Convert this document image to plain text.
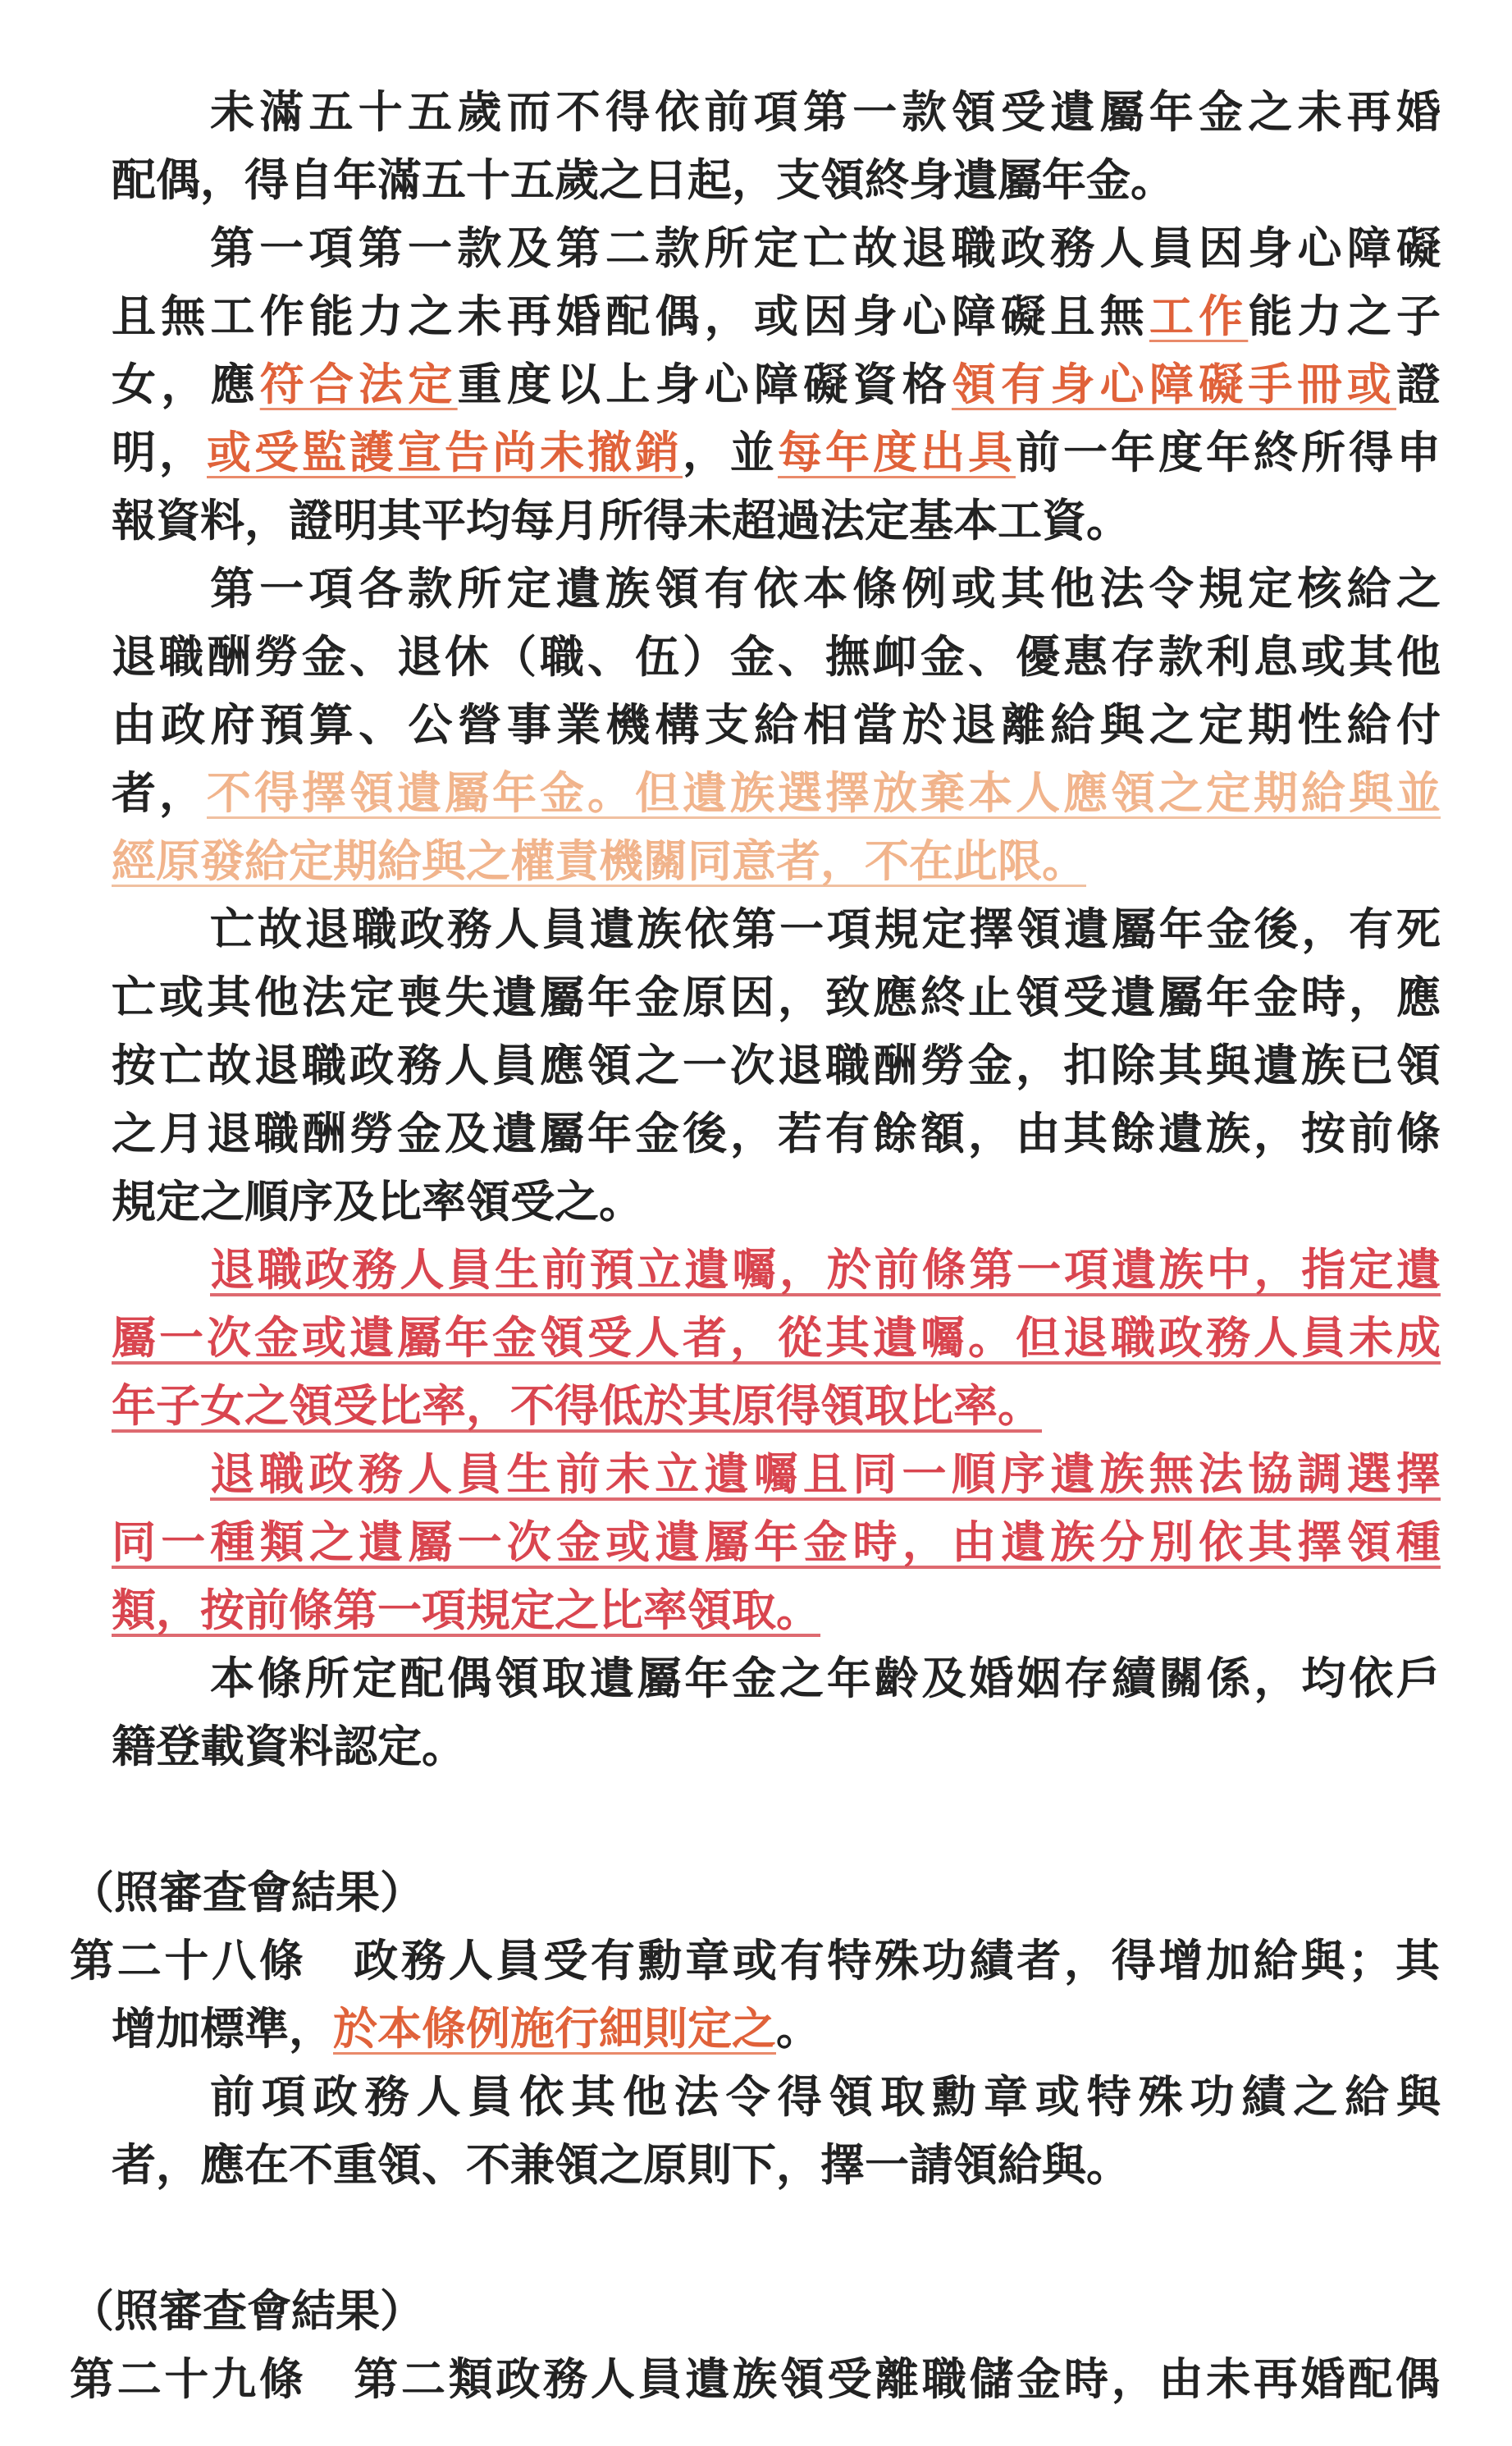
未滿五十五歲而不得依前項第一款領受遺屬年金之未再婚
配偶，得自年滿五十五歲之日起，支領終身遺屬年金。
第一項第一款及第二款所定亡故退職政務人員因身心障礙
且無工作能力之未再婚配偶，或因身心障礙且無工作能力之子
女，應符合法定重度以上身心障礙資格領有身心障礙手冊或證
明，或受監護宣告尚未撤銷，並每年度出具前一年度年終所得申
報資料，證明其平均每月所得未超過法定基本工資。
第一項各款所定遺族領有依本條例或其他法令規定核給之
退職酬勞金、退休（職、伍）金、撫卹金、優惠存款利息或其他
由政府預算、公營事業機構支給相當於退離給與之定期性給付
者，不得擇領遺屬年金。但遺族選擇放棄本人應領之定期給與並
經原發給定期給與之權責機關同意者，不在此限。
亡故退職政務人員遺族依第一項規定擇領遺屬年金後，有死
亡或其他法定喪失遺屬年金原因，致應終止領受遺屬年金時，應
按亡故退職政務人員應領之一次退職酬勞金，扣除其與遺族已領
之月退職酬勞金及遺屬年金後，若有餘額，由其餘遺族，按前條
規定之順序及比率領受之。
退職政務人員生前預立遺囑，於前條第一項遺族中，指定遺
屬一次金或遺屬年金領受人者，從其遺囑。但退職政務人員未成
年子女之領受比率，不得低於其原得領取比率。
退職政務人員生前未立遺囑且同一順序遺族無法協調選擇
同一種類之遺屬一次金或遺屬年金時，由遺族分別依其擇領種
類，按前條第一項規定之比率領取。
本條所定配偶領取遺屬年金之年齡及婚姻存續關係，均依戶
籍登載資料認定。
（照審查會結果）
第二十八條　政務人員受有勳章或有特殊功績者，得增加給與；其
增加標準，於本條例施行細則定之。
前項政務人員依其他法令得領取勳章或特殊功績之給與
者，應在不重領、不兼領之原則下，擇一請領給與。
（照審查會結果）
第二十九條　第二類政務人員遺族領受離職儲金時，由未再婚配偶
